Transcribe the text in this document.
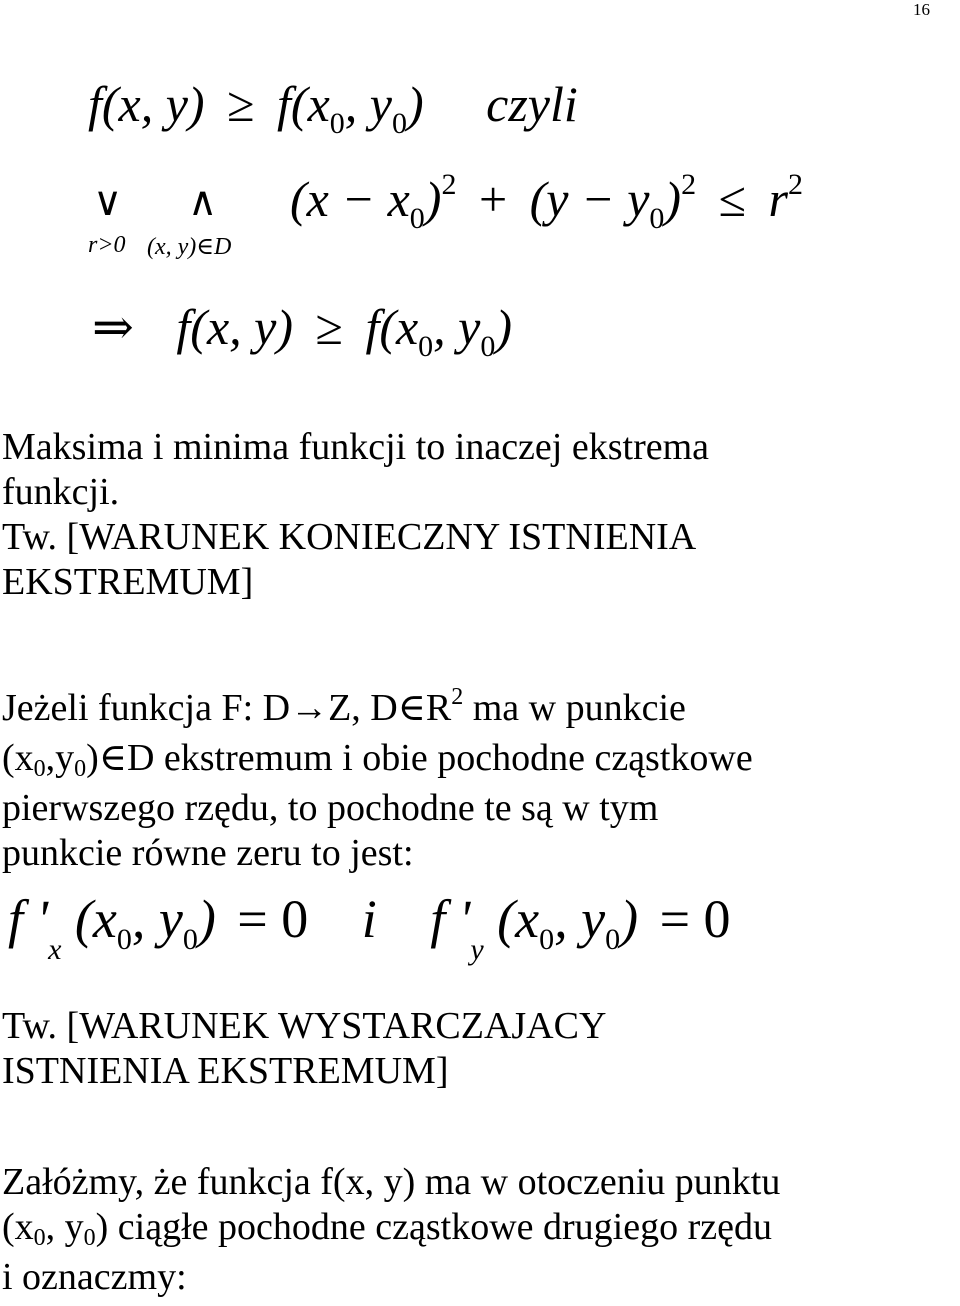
16
f(x, $y) \ge f(x_0$, $y_0$) czyli
∨ ∧
r>0 (x, y)∈D
$(x - x_0)^2 + (y - y_0)^2 \le r^2$
⇒ f(x, $y) \ge f(x_0$, $y_0$)
Maksima i minima funkcji to inaczej ekstrema
funkcji.
Tw. [WARUNEK KONIECZNY ISTNIENIA
EKSTREMUM]
Jeżeli funkcja F: D→Z, $D\in R^2$ ma w punkcie
(x0,y0)∈D ekstremum i obie pochodne cząstkowe
pierwszego rzędu, to pochodne te są w tym
punkcie równe zeru to jest:
f '$_x$ ($x_0$, $y_0) = 0$ i f '$_y$ ($x_0$, $y_0) = 0$
Tw. [WARUNEK WYSTARCZAJACY
ISTNIENIA EKSTREMUM]
Załóżmy, że funkcja f(x, y) ma w otoczeniu punktu
(x0, y0) ciągłe pochodne cząstkowe drugiego rzędu
i oznaczmy:
